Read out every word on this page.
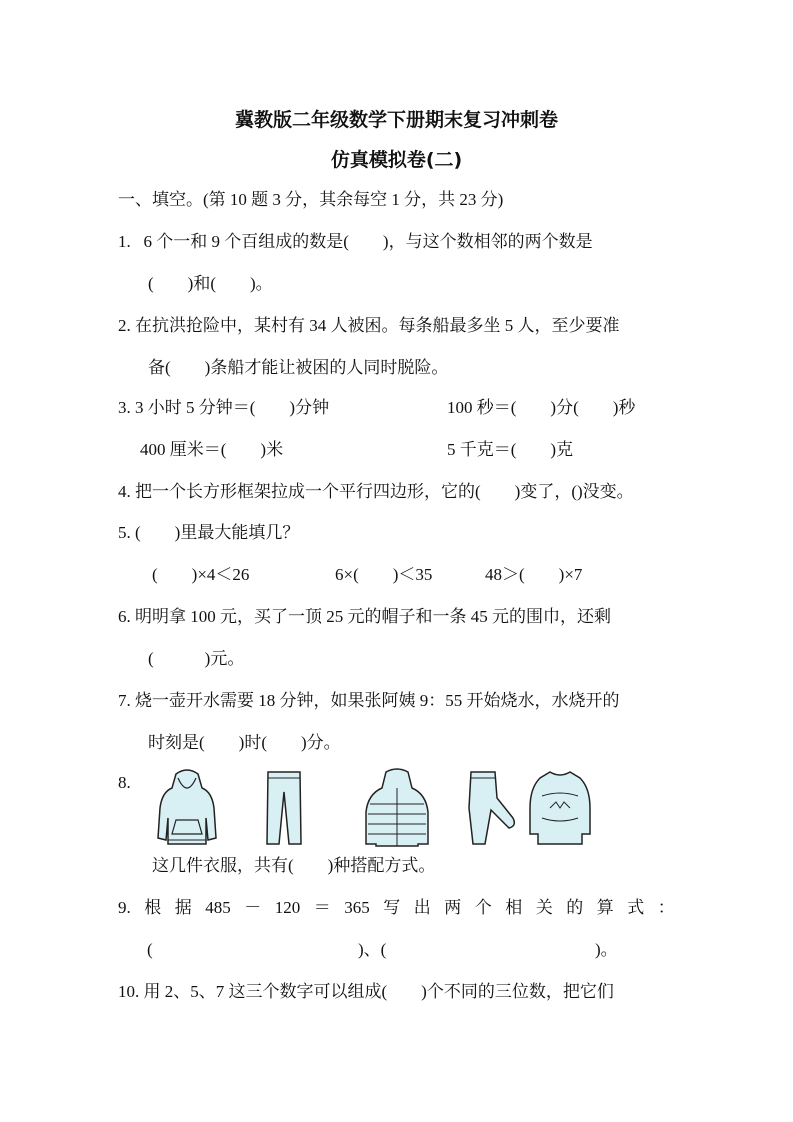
冀教版二年级数学下册期末复习冲刺卷
仿真模拟卷(二)
一、填空。(第 10 题 3 分，其余每空 1 分，共 23 分)
1.   6 个一和 9 个百组成的数是(        )，与这个数相邻的两个数是
(        )和(        )。
2. 在抗洪抢险中，某村有 34 人被困。每条船最多坐 5 人，至少要准
备(        )条船才能让被困的人同时脱险。
3. 3 小时 5 分钟＝(        )分钟	100 秒＝(        )分(        )秒
400 厘米＝(        )米	5 千克＝(        )克
4. 把一个长方形框架拉成一个平行四边形，它的(        )变了，()没变。
5. (        )里最大能填几？
(        )×4＜26	6×(        )＜35	48＞(        )×7
6. 明明拿 100 元，买了一顶 25 元的帽子和一条 45 元的围巾，还剩
(            )元。
7. 烧一壶开水需要 18 分钟，如果张阿姨 9：55 开始烧水，水烧开的
时刻是(        )时(        )分。
8.
这几件衣服，共有(        )种搭配方式。
9. 根 据 485 － 120 ＝ 365 写 出 两 个 相 关 的 算 式 ：
(	)、(	)。
10. 用 2、5、7 这三个数字可以组成(        )个不同的三位数，把它们
